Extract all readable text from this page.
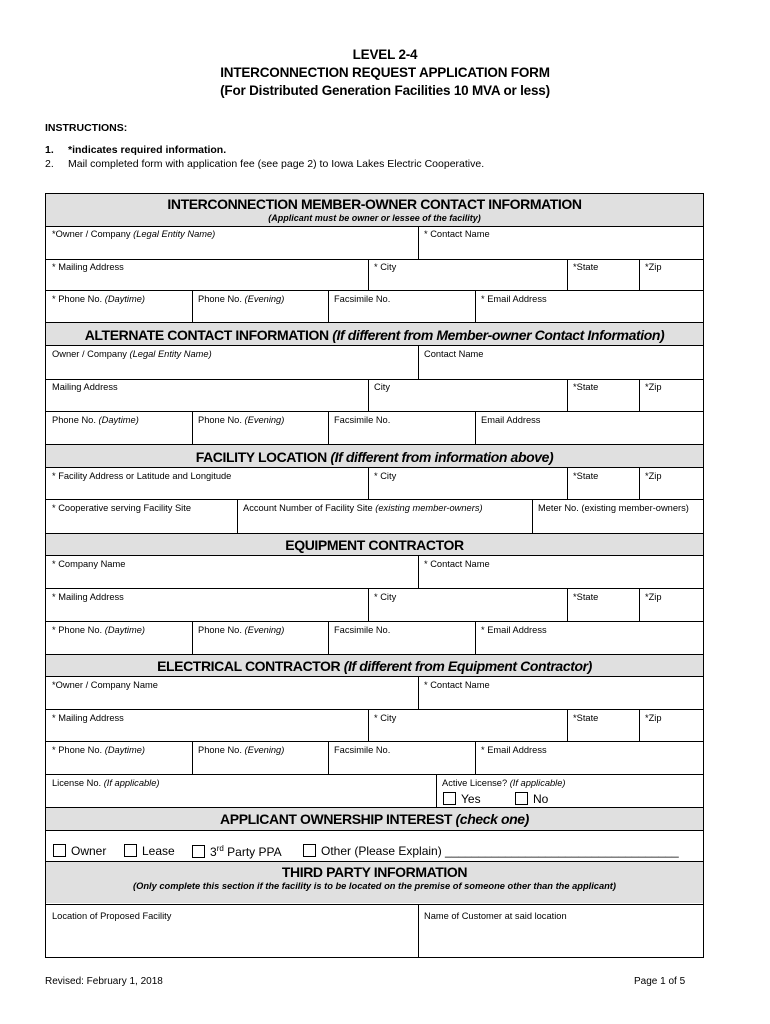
LEVEL 2-4
INTERCONNECTION REQUEST APPLICATION FORM
(For Distributed Generation Facilities 10 MVA or less)
INSTRUCTIONS:
1. *indicates required information.
2. Mail completed form with application fee (see page 2) to Iowa Lakes Electric Cooperative.
INTERCONNECTION MEMBER-OWNER CONTACT INFORMATION
(Applicant must be owner or lessee of the facility)
*Owner / Company (Legal Entity Name)	* Contact Name
* Mailing Address	* City	*State	*Zip
* Phone No. (Daytime)	Phone No. (Evening)	Facsimile No.	* Email Address
ALTERNATE CONTACT INFORMATION (If different from Member-owner Contact Information)
Owner / Company (Legal Entity Name)	Contact Name
Mailing Address	City	*State	*Zip
Phone No. (Daytime)	Phone No. (Evening)	Facsimile No.	Email Address
FACILITY LOCATION (If different from information above)
* Facility Address or Latitude and Longitude	* City	*State	*Zip
* Cooperative serving Facility Site	Account Number of Facility Site (existing member-owners)	Meter No. (existing member-owners)
EQUIPMENT CONTRACTOR
* Company Name	* Contact Name
* Mailing Address	* City	*State	*Zip
* Phone No. (Daytime)	Phone No. (Evening)	Facsimile No.	* Email Address
ELECTRICAL CONTRACTOR (If different from Equipment Contractor)
*Owner / Company Name	* Contact Name
* Mailing Address	* City	*State	*Zip
* Phone No. (Daytime)	Phone No. (Evening)	Facsimile No.	* Email Address
License No. (If applicable)	Active License? (If applicable)
Yes	No
APPLICANT OWNERSHIP INTEREST (check one)
Owner	Lease	3rd Party PPA	Other (Please Explain) ___________________________________
THIRD PARTY INFORMATION
(Only complete this section if the facility is to be located on the premise of someone other than the applicant)
Location of Proposed Facility	Name of Customer at said location
Revised: February 1, 2018	Page 1 of 5
